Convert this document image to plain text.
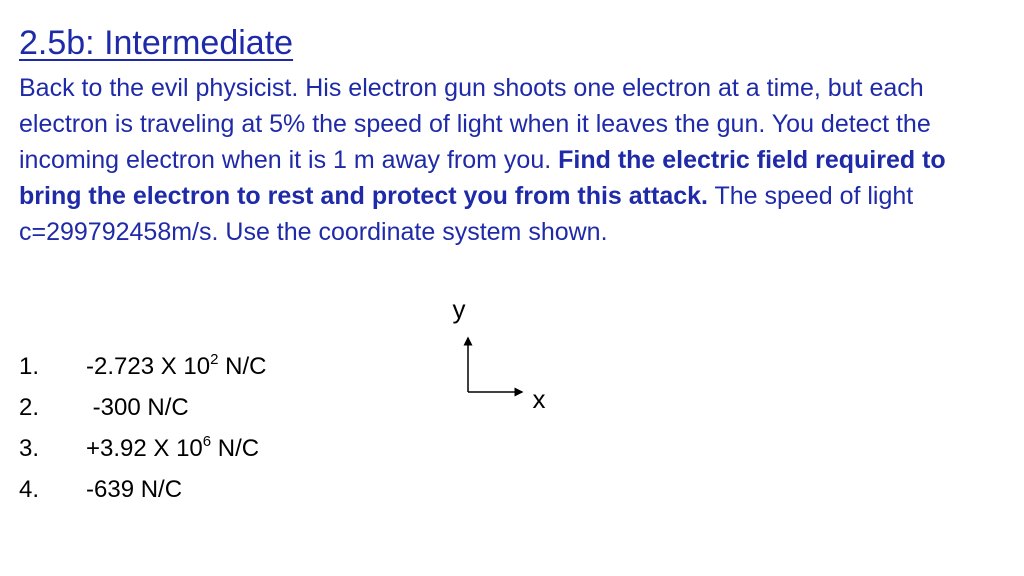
2.5b: Intermediate

Back to the evil physicist. His electron gun shoots one electron at a time, but each electron is traveling at 5% the speed of light when it leaves the gun. You detect the incoming electron when it is 1 m away from you. Find the electric field required to bring the electron to rest and protect you from this attack. The speed of light c=299792458m/s. Use the coordinate system shown.

1. -2.723 X $10^2$ N/C
2. -300 N/C
3. +3.92 X $10^6$ N/C
4. -639 N/C
y
x
